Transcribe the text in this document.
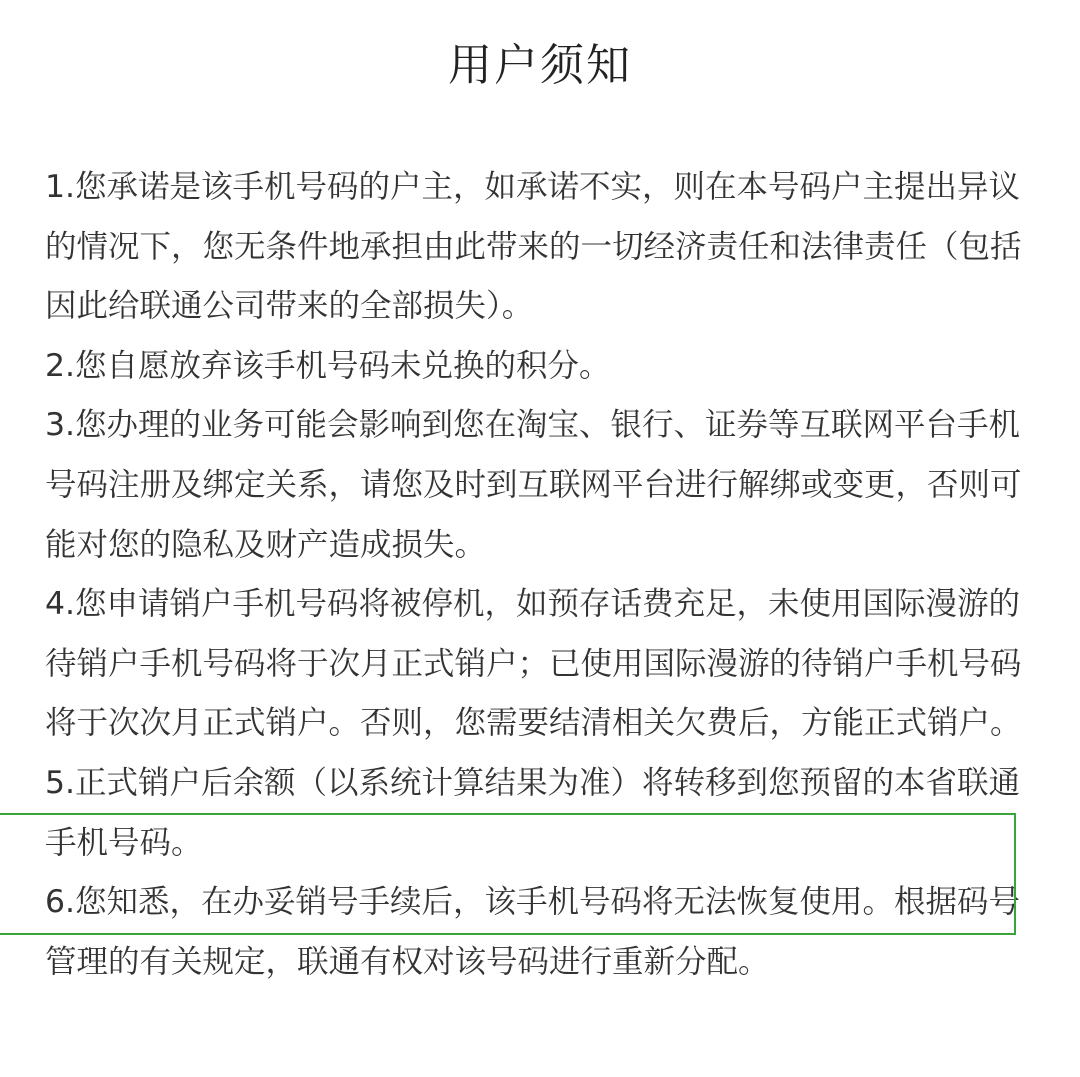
用户须知

1.您承诺是该手机号码的户主，如承诺不实，则在本号码户主提出异议的情况下，您无条件地承担由此带来的一切经济责任和法律责任（包括因此给联通公司带来的全部损失）。

2.您自愿放弃该手机号码未兑换的积分。

3.您办理的业务可能会影响到您在淘宝、银行、证券等互联网平台手机号码注册及绑定关系，请您及时到互联网平台进行解绑或变更，否则可能对您的隐私及财产造成损失。

4.您申请销户手机号码将被停机，如预存话费充足，未使用国际漫游的待销户手机号码将于次月正式销户；已使用国际漫游的待销户手机号码将于次次月正式销户。否则，您需要结清相关欠费后，方能正式销户。

5.正式销户后余额（以系统计算结果为准）将转移到您预留的本省联通手机号码。

6.您知悉，在办妥销号手续后，该手机号码将无法恢复使用。根据码号管理的有关规定，联通有权对该号码进行重新分配。
